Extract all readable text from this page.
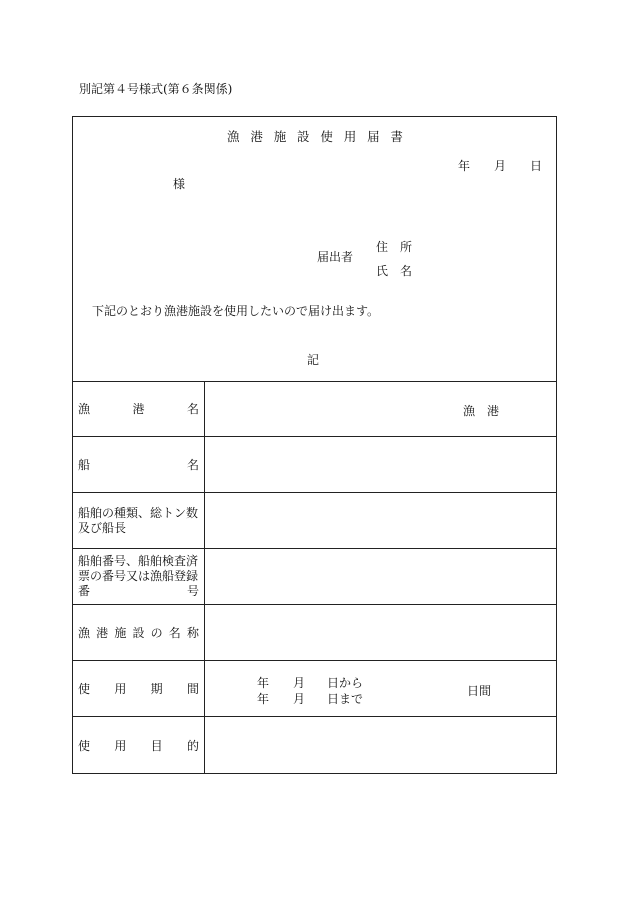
別記第４号様式(第６条関係)
漁 港 施 設 使 用 届 書
年 月 日
様
届出者
住 所
氏 名
下記のとおり漁港施設を使用したいので届け出ます。
記
漁	港	名	漁 港
船	名
船舶の種類、総トン数
及び船長
船舶番号、船舶検査済
票の番号又は漁船登録
番	号
漁 港 施 設 の 名 称
使 用 期 間	年 月 日から
年 月 日まで
日間
使 用 目 的
